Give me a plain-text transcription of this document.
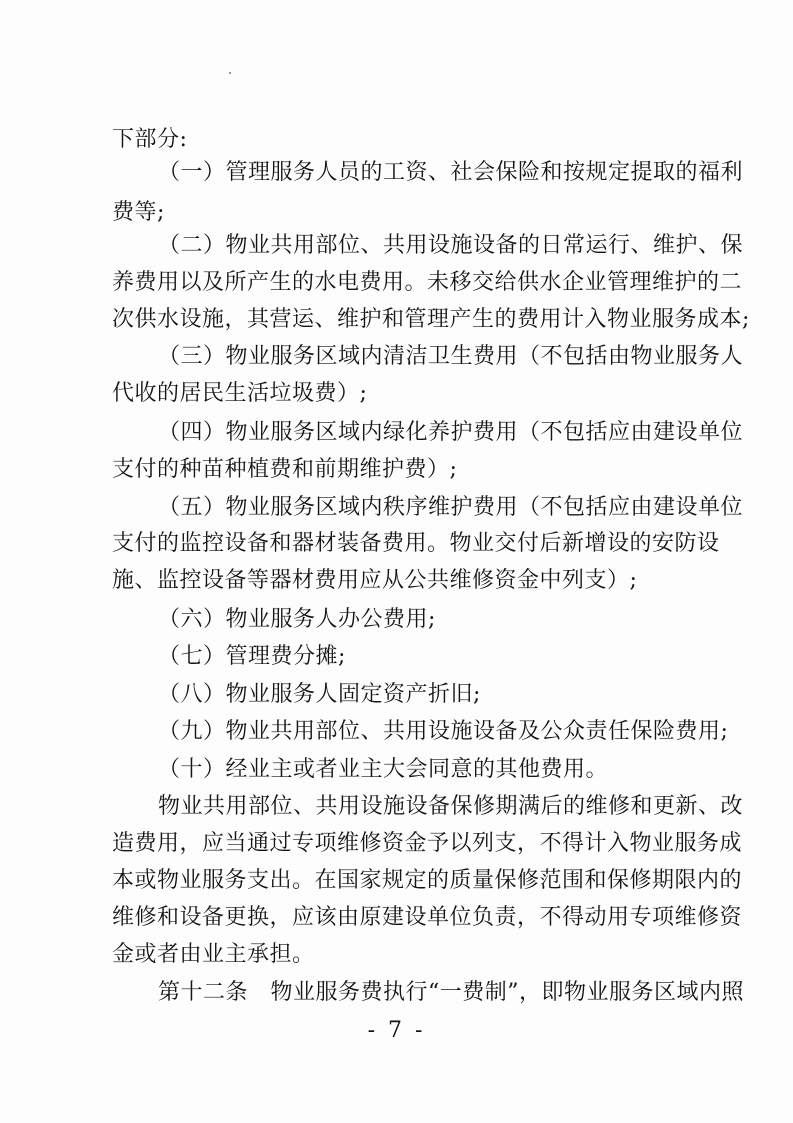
下部分:
（一）管理服务人员的工资、社会保险和按规定提取的福利
费等;
（二）物业共用部位、共用设施设备的日常运行、维护、保
养费用以及所产生的水电费用。未移交给供水企业管理维护的二
次供水设施，其营运、维护和管理产生的费用计入物业服务成本;
（三）物业服务区域内清洁卫生费用（不包括由物业服务人
代收的居民生活垃圾费）;
（四）物业服务区域内绿化养护费用（不包括应由建设单位
支付的种苗种植费和前期维护费）;
（五）物业服务区域内秩序维护费用（不包括应由建设单位
支付的监控设备和器材装备费用。物业交付后新增设的安防设
施、监控设备等器材费用应从公共维修资金中列支）;
（六）物业服务人办公费用;
（七）管理费分摊;
（八）物业服务人固定资产折旧;
（九）物业共用部位、共用设施设备及公众责任保险费用;
（十）经业主或者业主大会同意的其他费用。
物业共用部位、共用设施设备保修期满后的维修和更新、改
造费用，应当通过专项维修资金予以列支，不得计入物业服务成
本或物业服务支出。在国家规定的质量保修范围和保修期限内的
维修和设备更换，应该由原建设单位负责，不得动用专项维修资
金或者由业主承担。
第十二条　物业服务费执行“一费制”，即物业服务区域内照
- 7 -
